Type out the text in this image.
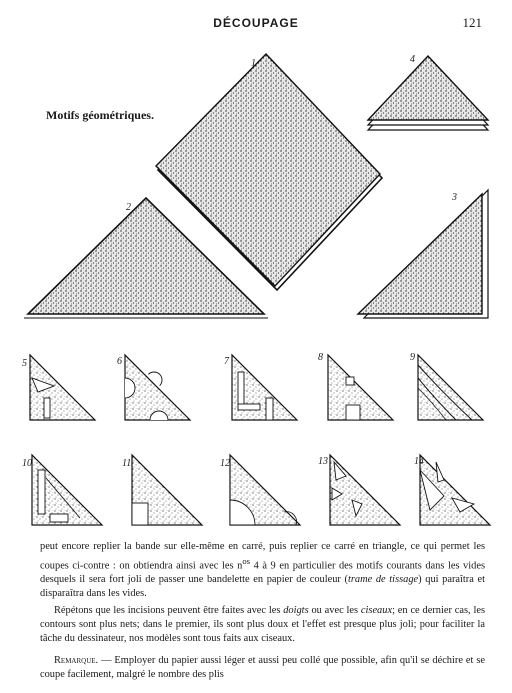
DÉCOUPAGE	121
Motifs géométriques.
1	4
2
3
5	6	7	8	9
10	11	12	13	14

peut encore replier la bande sur elle-même en carré, puis replier ce carré en triangle, ce qui permet les coupes ci-contre : on obtiendra ainsi avec les $n^{os}$ 4 à 9 en particulier des motifs courants dans les vides desquels il sera fort joli de passer une bandelette en papier de couleur (trame de tissage) qui paraîtra et disparaîtra dans les vides.

Répétons que les incisions peuvent être faites avec les doigts ou avec les ciseaux; en ce dernier cas, les contours sont plus nets; dans le premier, ils sont plus doux et l'effet est presque plus joli; pour faciliter la tâche du dessinateur, nos modèles sont tous faits aux ciseaux.

Remarque. — Employer du papier aussi léger et aussi peu collé que possible, afin qu'il se déchire et se coupe facilement, malgré le nombre des plis
